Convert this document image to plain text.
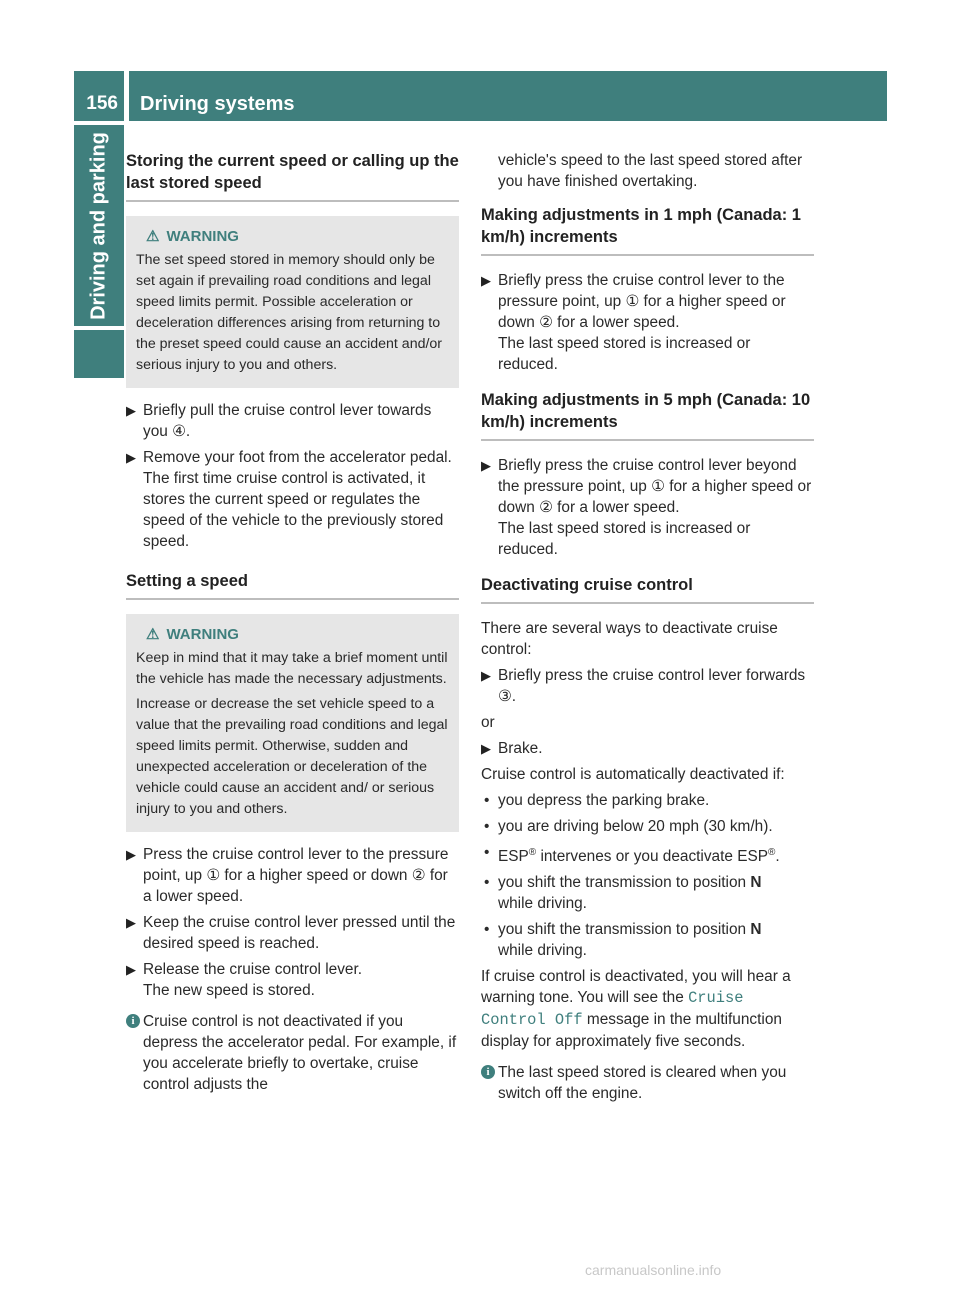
156	Driving systems
Driving and parking Storing the current speed or calling up the last stored speed
⚠ WARNING

The set speed stored in memory should only be set again if prevailing road conditions and legal speed limits permit. Possible acceleration or deceleration differences arising from returning to the preset speed could cause an accident and/or serious injury to you and others.

▶ Briefly pull the cruise control lever towards you ④.
▶ Remove your foot from the accelerator pedal.
The first time cruise control is activated, it stores the current speed or regulates the speed of the vehicle to the previously stored speed.
Setting a speed
⚠ WARNING

Keep in mind that it may take a brief moment until the vehicle has made the necessary adjustments.

Increase or decrease the set vehicle speed to a value that the prevailing road conditions and legal speed limits permit. Otherwise, sudden and unexpected acceleration or deceleration of the vehicle could cause an accident and/ or serious injury to you and others.

▶ Press the cruise control lever to the pressure point, up ① for a higher speed or down ② for a lower speed.
▶ Keep the cruise control lever pressed until the desired speed is reached.
▶ Release the cruise control lever.
The new speed is stored.
i Cruise control is not deactivated if you depress the accelerator pedal. For example, if you accelerate briefly to overtake, cruise control adjusts the

vehicle's speed to the last speed stored after you have finished overtaking.

Making adjustments in 1 mph (Canada: 1 km/h) increments
▶ Briefly press the cruise control lever to the pressure point, up ① for a higher speed or down ② for a lower speed.
The last speed stored is increased or reduced.
Making adjustments in 5 mph (Canada: 10 km/h) increments
▶ Briefly press the cruise control lever beyond the pressure point, up ① for a higher speed or down ② for a lower speed.
The last speed stored is increased or reduced.
Deactivating cruise control

There are several ways to deactivate cruise control:

▶ Briefly press the cruise control lever forwards ③.

or

▶ Brake.

Cruise control is automatically deactivated if:

• you depress the parking brake.
• you are driving below 20 mph (30 km/h).
• ESP® intervenes or you deactivate ESP®.
• you shift the transmission to position N
while driving.
• you shift the transmission to position N
while driving.

If cruise control is deactivated, you will hear a warning tone. You will see the Cruise Control Off message in the multifunction display for approximately five seconds.

i The last speed stored is cleared when you switch off the engine.
carmanualsonline.info
